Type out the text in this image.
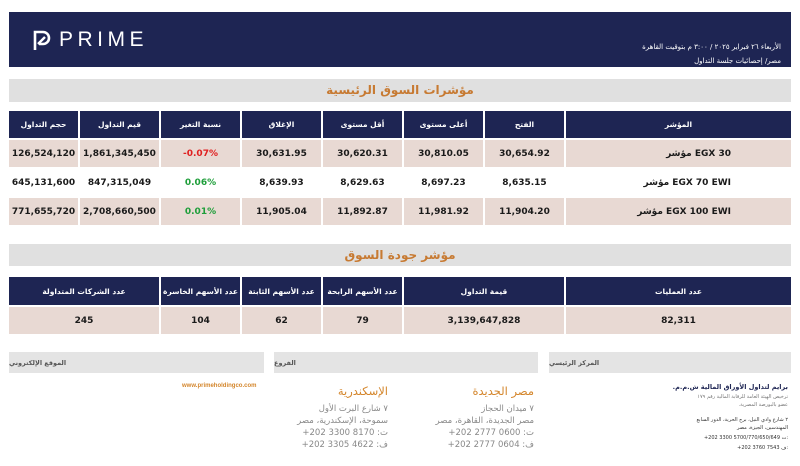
PRIME	الأربعاء ٢٦ فبراير ٢٠٢٥ / ٣:٠٠ م بتوقيت القاهرة
مصر/ إحصائيات جلسة التداول
مؤشرات السوق الرئيسية
المؤشر
الفتح
أعلى مستوى
أقل مستوى
الإغلاق
نسبة التغير
قيم التداول
حجم التداول
مؤشر EGX 30
30,654.92
30,810.05
30,620.31
30,631.95
-0.07%
1,861,345,450
126,524,120
مؤشر EGX 70 EWI
8,635.15
8,697.23
8,629.63
8,639.93
0.06%
847,315,049
645,131,600
مؤشر EGX 100 EWI
11,904.20
11,981.92
11,892.87
11,905.04
0.01%
2,708,660,500
771,655,720
مؤشر جودة السوق
عدد العمليات
قيمة التداول
عدد الأسهم الرابحة
عدد الأسهم الثابتة
عدد الأسهم الخاسرة
عدد الشركات المتداولة
82,311
3,139,647,828
79
62
104
245
المركز الرئيسي
الفروع
الموقع الإلكتروني
برايم لتداول الأوراق المالية ش.م.م.
ترخيص الهيئة العامة للرقابة المالية رقم ١٧٩
عضو بالبورصة المصرية.
٢ شارع وادي النيل، برج الحرية، الدور السابع
المهندسين، الجيزة، مصر
+202 3300 5700/770/650/649 ت:
+202 3760 7543 ف:
مصر الجديدة
٧ ميدان الحجاز
مصر الجديدة، القاهرة، مصر
ت: 0600 2777 202+
ف: 0604 2777 202+
الإسكندرية
٧ شارع البرت الأول
سموحة، الإسكندرية، مصر
ت: 8170 3300 202+
ف: 4622 3305 202+
www.primeholdingco.com
